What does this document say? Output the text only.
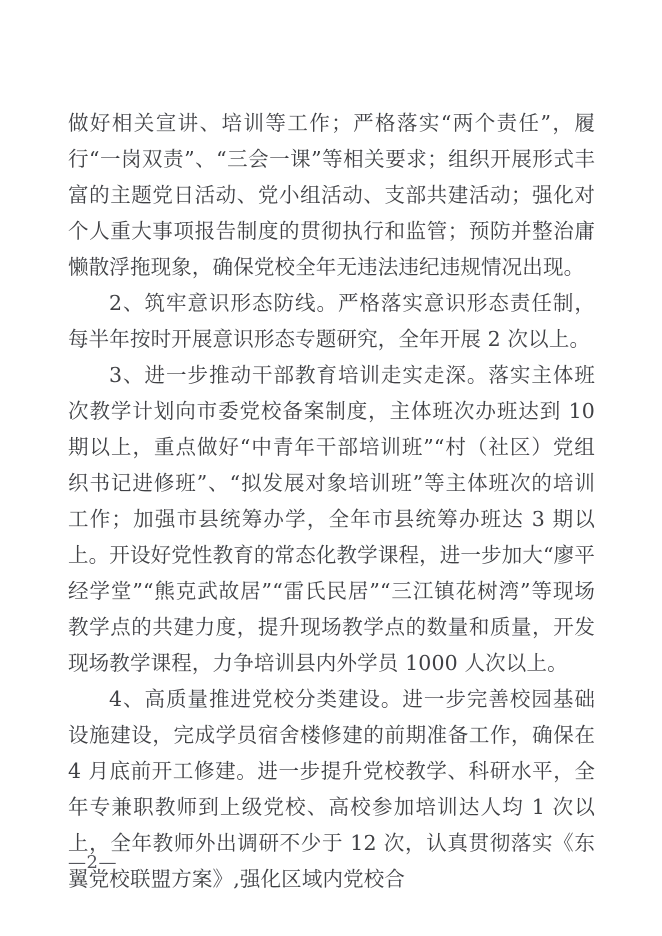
做好相关宣讲、培训等工作；严格落实“两个责任”，履行“一岗双责”、“三会一课”等相关要求；组织开展形式丰富的主题党日活动、党小组活动、支部共建活动；强化对个人重大事项报告制度的贯彻执行和监管；预防并整治庸懒散浮拖现象，确保党校全年无违法违纪违规情况出现。

2、筑牢意识形态防线。严格落实意识形态责任制，每半年按时开展意识形态专题研究，全年开展 2 次以上。

3、进一步推动干部教育培训走实走深。落实主体班次教学计划向市委党校备案制度，主体班次办班达到 10 期以上，重点做好“中青年干部培训班”“村（社区）党组织书记进修班”、“拟发展对象培训班”等主体班次的培训工作；加强市县统筹办学，全年市县统筹办班达 3 期以上。开设好党性教育的常态化教学课程，进一步加大“廖平经学堂”“熊克武故居”“雷氏民居”“三江镇花树湾”等现场教学点的共建力度，提升现场教学点的数量和质量，开发现场教学课程，力争培训县内外学员 1000 人次以上。

4、高质量推进党校分类建设。进一步完善校园基础设施建设，完成学员宿舍楼修建的前期准备工作，确保在 4 月底前开工修建。进一步提升党校教学、科研水平，全年专兼职教师到上级党校、高校参加培训达人均 1 次以上，全年教师外出调研不少于 12 次，认真贯彻落实《东翼党校联盟方案》,强化区域内党校合

—2—
